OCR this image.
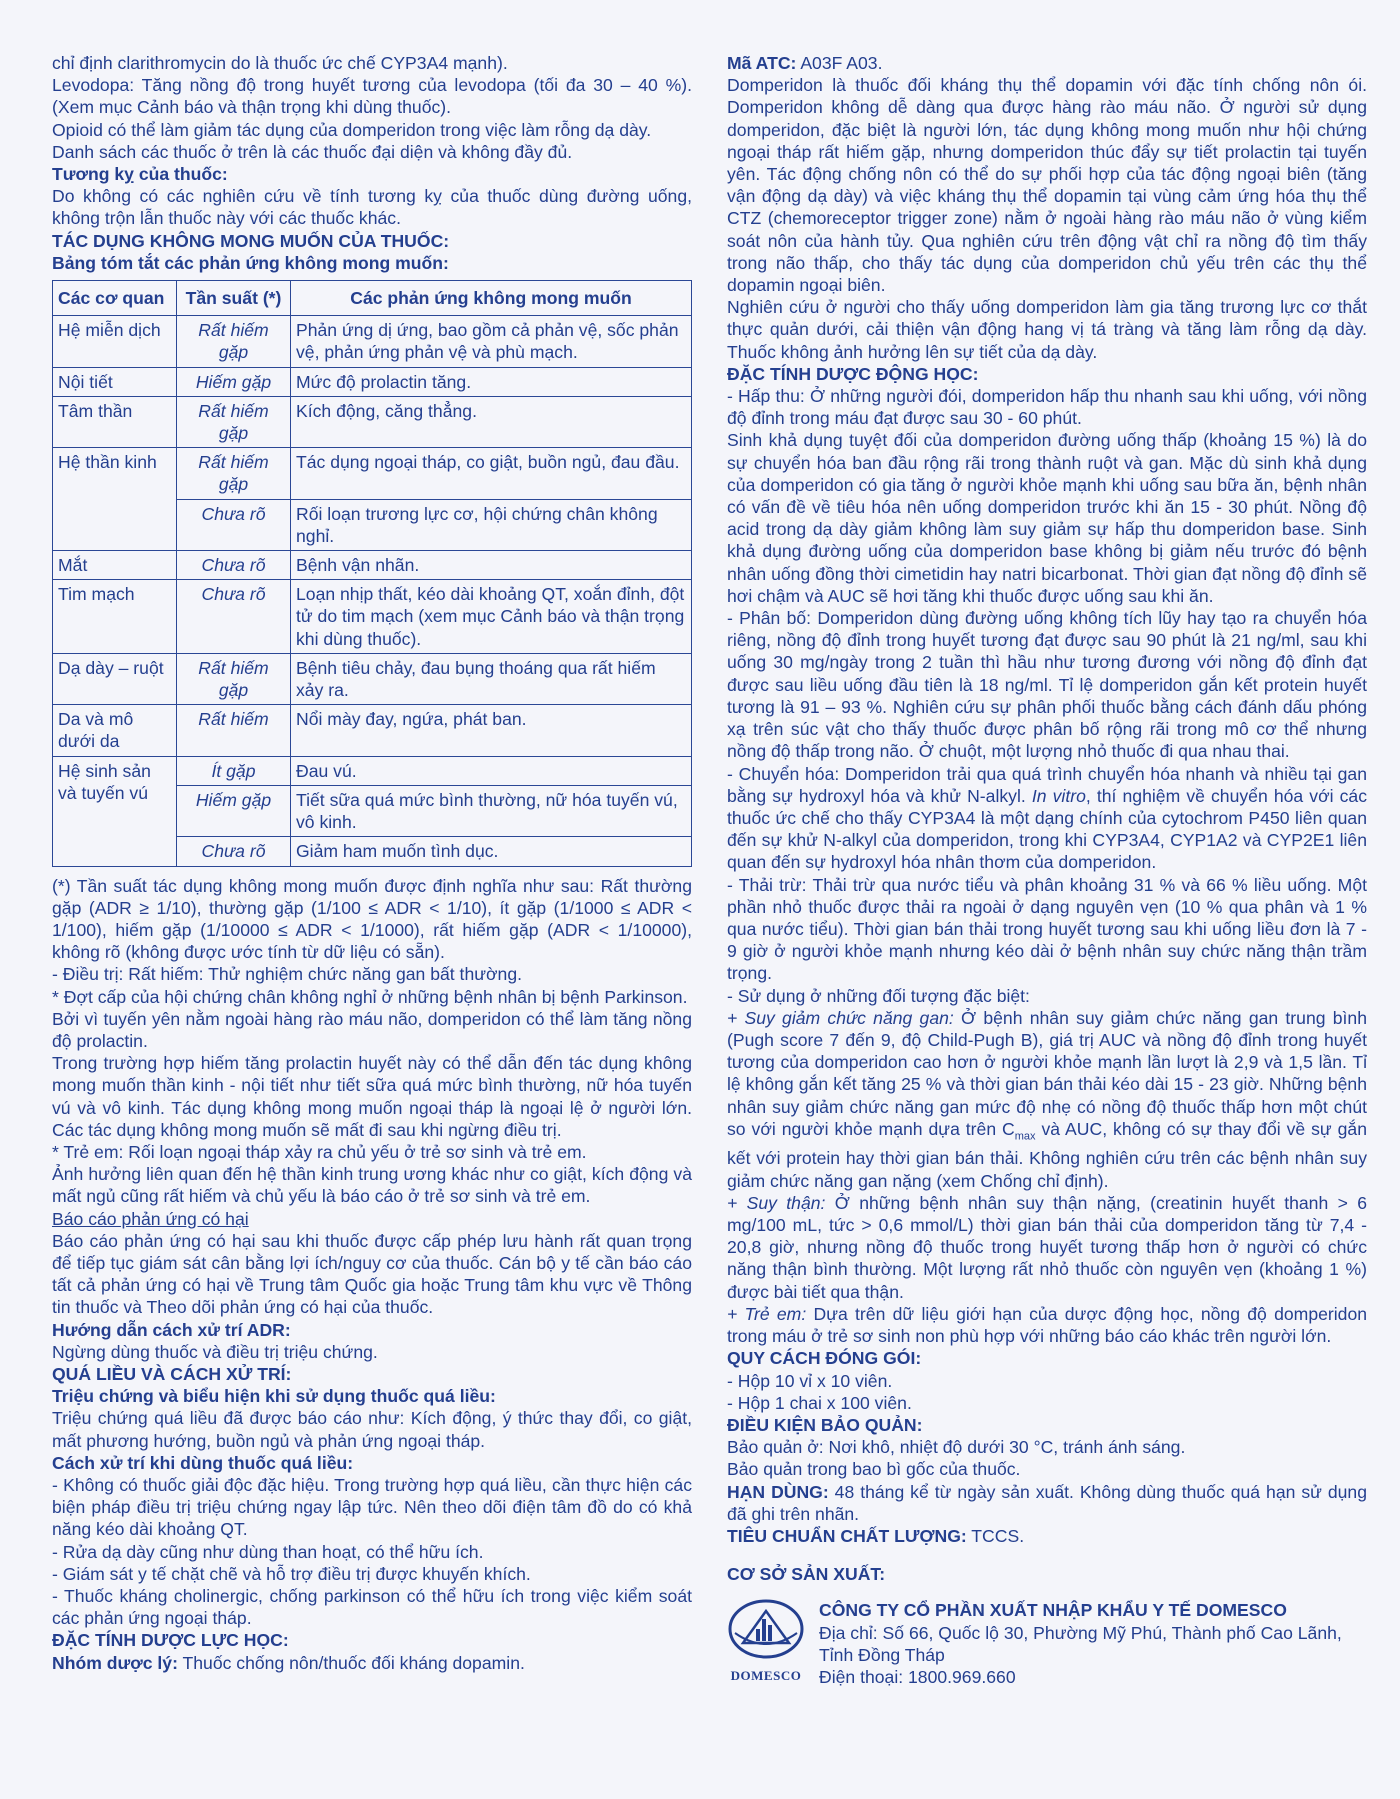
chỉ định clarithromycin do là thuốc ức chế CYP3A4 mạnh).

Levodopa: Tăng nồng độ trong huyết tương của levodopa (tối đa 30 – 40 %). (Xem mục Cảnh báo và thận trọng khi dùng thuốc).

Opioid có thể làm giảm tác dụng của domperidon trong việc làm rỗng dạ dày.

Danh sách các thuốc ở trên là các thuốc đại diện và không đầy đủ.

Tương kỵ của thuốc:

Do không có các nghiên cứu về tính tương kỵ của thuốc dùng đường uống, không trộn lẫn thuốc này với các thuốc khác.

TÁC DỤNG KHÔNG MONG MUỐN CỦA THUỐC:
Bảng tóm tắt các phản ứng không mong muốn:
Các cơ quan	Tần suất (*)	Các phản ứng không mong muốn
Hệ miễn dịch	Rất hiếm gặp	Phản ứng dị ứng, bao gồm cả phản vệ, sốc phản vệ, phản ứng phản vệ và phù mạch.
Nội tiết	Hiếm gặp	Mức độ prolactin tăng.
Tâm thần	Rất hiếm gặp	Kích động, căng thẳng.
Hệ thần kinh	Rất hiếm gặp	Tác dụng ngoại tháp, co giật, buồn ngủ, đau đầu.
	Chưa rõ	Rối loạn trương lực cơ, hội chứng chân không nghỉ.
Mắt	Chưa rõ	Bệnh vận nhãn.
Tim mạch	Chưa rõ	Loạn nhịp thất, kéo dài khoảng QT, xoắn đỉnh, đột tử do tim mạch (xem mục Cảnh báo và thận trọng khi dùng thuốc).
Dạ dày – ruột	Rất hiếm gặp	Bệnh tiêu chảy, đau bụng thoáng qua rất hiếm xảy ra.
Da và mô dưới da	Rất hiếm	Nổi mày đay, ngứa, phát ban.
Hệ sinh sản và tuyến vú	Ít gặp	Đau vú.
	Hiếm gặp	Tiết sữa quá mức bình thường, nữ hóa tuyến vú, vô kinh.
	Chưa rõ	Giảm ham muốn tình dục.

(*) Tần suất tác dụng không mong muốn được định nghĩa như sau: Rất thường gặp (ADR ≥ 1/10), thường gặp (1/100 ≤ ADR < 1/10), ít gặp (1/1000 ≤ ADR < 1/100), hiếm gặp (1/10000 ≤ ADR < 1/1000), rất hiếm gặp (ADR < 1/10000), không rõ (không được ước tính từ dữ liệu có sẵn).

- Điều trị: Rất hiếm: Thử nghiệm chức năng gan bất thường.

* Đợt cấp của hội chứng chân không nghỉ ở những bệnh nhân bị bệnh Parkinson.

Bởi vì tuyến yên nằm ngoài hàng rào máu não, domperidon có thể làm tăng nồng độ prolactin.

Trong trường hợp hiếm tăng prolactin huyết này có thể dẫn đến tác dụng không mong muốn thần kinh - nội tiết như tiết sữa quá mức bình thường, nữ hóa tuyến vú và vô kinh. Tác dụng không mong muốn ngoại tháp là ngoại lệ ở người lớn. Các tác dụng không mong muốn sẽ mất đi sau khi ngừng điều trị.

* Trẻ em: Rối loạn ngoại tháp xảy ra chủ yếu ở trẻ sơ sinh và trẻ em.

Ảnh hưởng liên quan đến hệ thần kinh trung ương khác như co giật, kích động và mất ngủ cũng rất hiếm và chủ yếu là báo cáo ở trẻ sơ sinh và trẻ em.

Báo cáo phản ứng có hại

Báo cáo phản ứng có hại sau khi thuốc được cấp phép lưu hành rất quan trọng để tiếp tục giám sát cân bằng lợi ích/nguy cơ của thuốc. Cán bộ y tế cần báo cáo tất cả phản ứng có hại về Trung tâm Quốc gia hoặc Trung tâm khu vực về Thông tin thuốc và Theo dõi phản ứng có hại của thuốc.

Hướng dẫn cách xử trí ADR:

Ngừng dùng thuốc và điều trị triệu chứng.

QUÁ LIỀU VÀ CÁCH XỬ TRÍ:
Triệu chứng và biểu hiện khi sử dụng thuốc quá liều:

Triệu chứng quá liều đã được báo cáo như: Kích động, ý thức thay đổi, co giật, mất phương hướng, buồn ngủ và phản ứng ngoại tháp.

Cách xử trí khi dùng thuốc quá liều:

- Không có thuốc giải độc đặc hiệu. Trong trường hợp quá liều, cần thực hiện các biện pháp điều trị triệu chứng ngay lập tức. Nên theo dõi điện tâm đồ do có khả năng kéo dài khoảng QT.

- Rửa dạ dày cũng như dùng than hoạt, có thể hữu ích.

- Giám sát y tế chặt chẽ và hỗ trợ điều trị được khuyến khích.

- Thuốc kháng cholinergic, chống parkinson có thể hữu ích trong việc kiểm soát các phản ứng ngoại tháp.

ĐẶC TÍNH DƯỢC LỰC HỌC:

Nhóm dược lý: Thuốc chống nôn/thuốc đối kháng dopamin.

Mã ATC: A03F A03.

Domperidon là thuốc đối kháng thụ thể dopamin với đặc tính chống nôn ói. Domperidon không dễ dàng qua được hàng rào máu não. Ở người sử dụng domperidon, đặc biệt là người lớn, tác dụng không mong muốn như hội chứng ngoại tháp rất hiếm gặp, nhưng domperidon thúc đẩy sự tiết prolactin tại tuyến yên. Tác động chống nôn có thể do sự phối hợp của tác động ngoại biên (tăng vận động dạ dày) và việc kháng thụ thể dopamin tại vùng cảm ứng hóa thụ thể CTZ (chemoreceptor trigger zone) nằm ở ngoài hàng rào máu não ở vùng kiểm soát nôn của hành tủy. Qua nghiên cứu trên động vật chỉ ra nồng độ tìm thấy trong não thấp, cho thấy tác dụng của domperidon chủ yếu trên các thụ thể dopamin ngoại biên.

Nghiên cứu ở người cho thấy uống domperidon làm gia tăng trương lực cơ thắt thực quản dưới, cải thiện vận động hang vị tá tràng và tăng làm rỗng dạ dày. Thuốc không ảnh hưởng lên sự tiết của dạ dày.

ĐẶC TÍNH DƯỢC ĐỘNG HỌC:

- Hấp thu: Ở những người đói, domperidon hấp thu nhanh sau khi uống, với nồng độ đỉnh trong máu đạt được sau 30 - 60 phút.

Sinh khả dụng tuyệt đối của domperidon đường uống thấp (khoảng 15 %) là do sự chuyển hóa ban đầu rộng rãi trong thành ruột và gan. Mặc dù sinh khả dụng của domperidon có gia tăng ở người khỏe mạnh khi uống sau bữa ăn, bệnh nhân có vấn đề về tiêu hóa nên uống domperidon trước khi ăn 15 - 30 phút. Nồng độ acid trong dạ dày giảm không làm suy giảm sự hấp thu domperidon base. Sinh khả dụng đường uống của domperidon base không bị giảm nếu trước đó bệnh nhân uống đồng thời cimetidin hay natri bicarbonat. Thời gian đạt nồng độ đỉnh sẽ hơi chậm và AUC sẽ hơi tăng khi thuốc được uống sau khi ăn.

- Phân bố: Domperidon dùng đường uống không tích lũy hay tạo ra chuyển hóa riêng, nồng độ đỉnh trong huyết tương đạt được sau 90 phút là 21 ng/ml, sau khi uống 30 mg/ngày trong 2 tuần thì hầu như tương đương với nồng độ đỉnh đạt được sau liều uống đầu tiên là 18 ng/ml. Tỉ lệ domperidon gắn kết protein huyết tương là 91 – 93 %. Nghiên cứu sự phân phối thuốc bằng cách đánh dấu phóng xạ trên súc vật cho thấy thuốc được phân bố rộng rãi trong mô cơ thể nhưng nồng độ thấp trong não. Ở chuột, một lượng nhỏ thuốc đi qua nhau thai.

- Chuyển hóa: Domperidon trải qua quá trình chuyển hóa nhanh và nhiều tại gan bằng sự hydroxyl hóa và khử N-alkyl. In vitro, thí nghiệm về chuyển hóa với các thuốc ức chế cho thấy CYP3A4 là một dạng chính của cytochrom P450 liên quan đến sự khử N-alkyl của domperidon, trong khi CYP3A4, CYP1A2 và CYP2E1 liên quan đến sự hydroxyl hóa nhân thơm của domperidon.

- Thải trừ: Thải trừ qua nước tiểu và phân khoảng 31 % và 66 % liều uống. Một phần nhỏ thuốc được thải ra ngoài ở dạng nguyên vẹn (10 % qua phân và 1 % qua nước tiểu). Thời gian bán thải trong huyết tương sau khi uống liều đơn là 7 - 9 giờ ở người khỏe mạnh nhưng kéo dài ở bệnh nhân suy chức năng thận trầm trọng.

- Sử dụng ở những đối tượng đặc biệt:

+ Suy giảm chức năng gan: Ở bệnh nhân suy giảm chức năng gan trung bình (Pugh score 7 đến 9, độ Child-Pugh B), giá trị AUC và nồng độ đỉnh trong huyết tương của domperidon cao hơn ở người khỏe mạnh lần lượt là 2,9 và 1,5 lần. Tỉ lệ không gắn kết tăng 25 % và thời gian bán thải kéo dài 15 - 23 giờ. Những bệnh nhân suy giảm chức năng gan mức độ nhẹ có nồng độ thuốc thấp hơn một chút so với người khỏe mạnh dựa trên $C_{max}$ và AUC, không có sự thay đổi về sự gắn kết với protein hay thời gian bán thải. Không nghiên cứu trên các bệnh nhân suy giảm chức năng gan nặng (xem Chống chỉ định).

+ Suy thận: Ở những bệnh nhân suy thận nặng, (creatinin huyết thanh > 6 mg/100 mL, tức > 0,6 mmol/L) thời gian bán thải của domperidon tăng từ 7,4 - 20,8 giờ, nhưng nồng độ thuốc trong huyết tương thấp hơn ở người có chức năng thận bình thường. Một lượng rất nhỏ thuốc còn nguyên vẹn (khoảng 1 %) được bài tiết qua thận.

+ Trẻ em: Dựa trên dữ liệu giới hạn của dược động học, nồng độ domperidon trong máu ở trẻ sơ sinh non phù hợp với những báo cáo khác trên người lớn.

QUY CÁCH ĐÓNG GÓI:

- Hộp 10 vỉ x 10 viên.

- Hộp 1 chai x 100 viên.

ĐIỀU KIỆN BẢO QUẢN:

Bảo quản ở: Nơi khô, nhiệt độ dưới 30 °C, tránh ánh sáng.

Bảo quản trong bao bì gốc của thuốc.

HẠN DÙNG: 48 tháng kể từ ngày sản xuất. Không dùng thuốc quá hạn sử dụng đã ghi trên nhãn.

TIÊU CHUẨN CHẤT LƯỢNG: TCCS.

CƠ SỞ SẢN XUẤT:
DOMESCO
CÔNG TY CỔ PHẦN XUẤT NHẬP KHẨU Y TẾ DOMESCO

Địa chỉ: Số 66, Quốc lộ 30, Phường Mỹ Phú, Thành phố Cao Lãnh, Tỉnh Đồng Tháp

Điện thoại: 1800.969.660
